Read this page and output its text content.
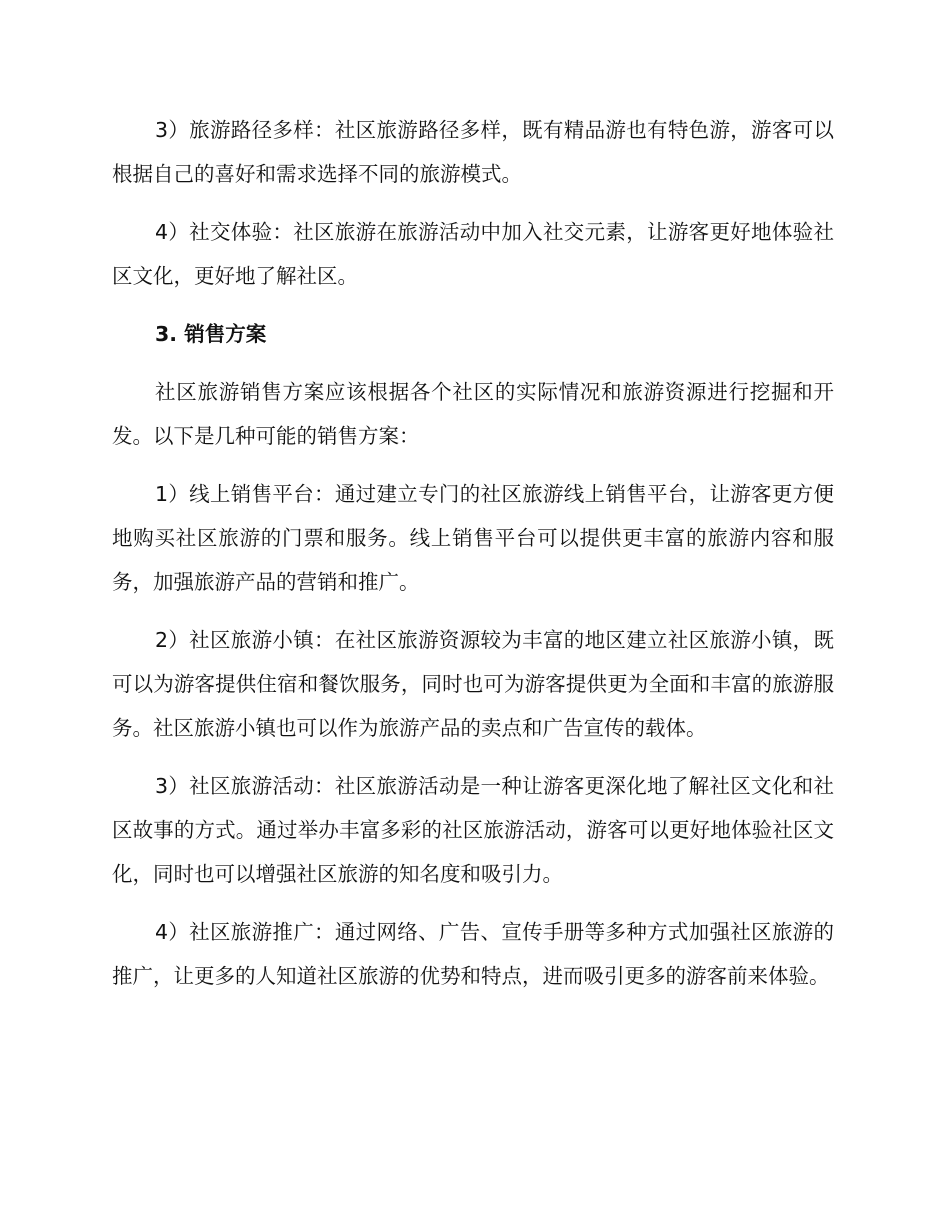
3）旅游路径多样：社区旅游路径多样，既有精品游也有特色游，游客可以根据自己的喜好和需求选择不同的旅游模式。

4）社交体验：社区旅游在旅游活动中加入社交元素，让游客更好地体验社区文化，更好地了解社区。

3. 销售方案

社区旅游销售方案应该根据各个社区的实际情况和旅游资源进行挖掘和开发。以下是几种可能的销售方案：

1）线上销售平台：通过建立专门的社区旅游线上销售平台，让游客更方便地购买社区旅游的门票和服务。线上销售平台可以提供更丰富的旅游内容和服务，加强旅游产品的营销和推广。

2）社区旅游小镇：在社区旅游资源较为丰富的地区建立社区旅游小镇，既可以为游客提供住宿和餐饮服务，同时也可为游客提供更为全面和丰富的旅游服务。社区旅游小镇也可以作为旅游产品的卖点和广告宣传的载体。

3）社区旅游活动：社区旅游活动是一种让游客更深化地了解社区文化和社区故事的方式。通过举办丰富多彩的社区旅游活动，游客可以更好地体验社区文化，同时也可以增强社区旅游的知名度和吸引力。

4）社区旅游推广：通过网络、广告、宣传手册等多种方式加强社区旅游的推广，让更多的人知道社区旅游的优势和特点，进而吸引更多的游客前来体验。
